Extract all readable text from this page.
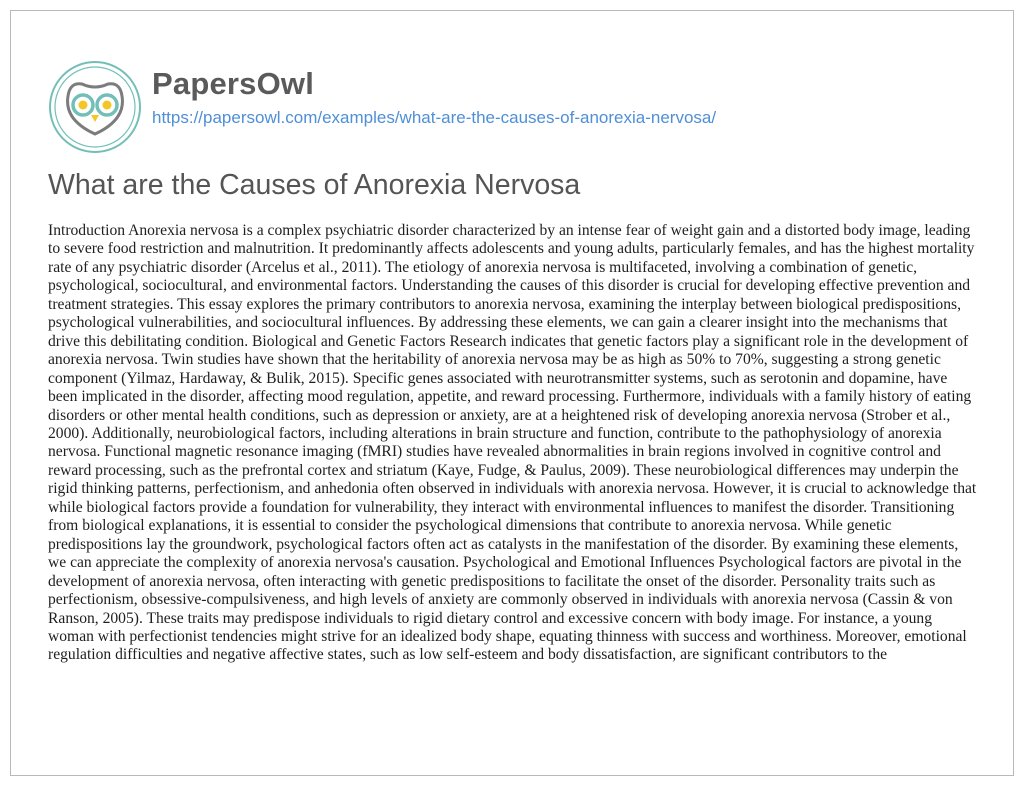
PapersOwl
https://papersowl.com/examples/what-are-the-causes-of-anorexia-nervosa/
What are the Causes of Anorexia Nervosa

Introduction Anorexia nervosa is a complex psychiatric disorder characterized by an intense fear of weight gain and a distorted body image, leading to severe food restriction and malnutrition. It predominantly affects adolescents and young adults, particularly females, and has the highest mortality rate of any psychiatric disorder (Arcelus et al., 2011). The etiology of anorexia nervosa is multifaceted, involving a combination of genetic, psychological, sociocultural, and environmental factors. Understanding the causes of this disorder is crucial for developing effective prevention and treatment strategies. This essay explores the primary contributors to anorexia nervosa, examining the interplay between biological predispositions, psychological vulnerabilities, and sociocultural influences. By addressing these elements, we can gain a clearer insight into the mechanisms that drive this debilitating condition. Biological and Genetic Factors Research indicates that genetic factors play a significant role in the development of anorexia nervosa. Twin studies have shown that the heritability of anorexia nervosa may be as high as 50% to 70%, suggesting a strong genetic component (Yilmaz, Hardaway, & Bulik, 2015). Specific genes associated with neurotransmitter systems, such as serotonin and dopamine, have been implicated in the disorder, affecting mood regulation, appetite, and reward processing. Furthermore, individuals with a family history of eating disorders or other mental health conditions, such as depression or anxiety, are at a heightened risk of developing anorexia nervosa (Strober et al., 2000). Additionally, neurobiological factors, including alterations in brain structure and function, contribute to the pathophysiology of anorexia nervosa. Functional magnetic resonance imaging (fMRI) studies have revealed abnormalities in brain regions involved in cognitive control and reward processing, such as the prefrontal cortex and striatum (Kaye, Fudge, & Paulus, 2009). These neurobiological differences may underpin the rigid thinking patterns, perfectionism, and anhedonia often observed in individuals with anorexia nervosa. However, it is crucial to acknowledge that while biological factors provide a foundation for vulnerability, they interact with environmental influences to manifest the disorder. Transitioning from biological explanations, it is essential to consider the psychological dimensions that contribute to anorexia nervosa. While genetic predispositions lay the groundwork, psychological factors often act as catalysts in the manifestation of the disorder. By examining these elements, we can appreciate the complexity of anorexia nervosa's causation. Psychological and Emotional Influences Psychological factors are pivotal in the development of anorexia nervosa, often interacting with genetic predispositions to facilitate the onset of the disorder. Personality traits such as perfectionism, obsessive-compulsiveness, and high levels of anxiety are commonly observed in individuals with anorexia nervosa (Cassin & von Ranson, 2005). These traits may predispose individuals to rigid dietary control and excessive concern with body image. For instance, a young woman with perfectionist tendencies might strive for an idealized body shape, equating thinness with success and worthiness. Moreover, emotional regulation difficulties and negative affective states, such as low self-esteem and body dissatisfaction, are significant contributors to the
